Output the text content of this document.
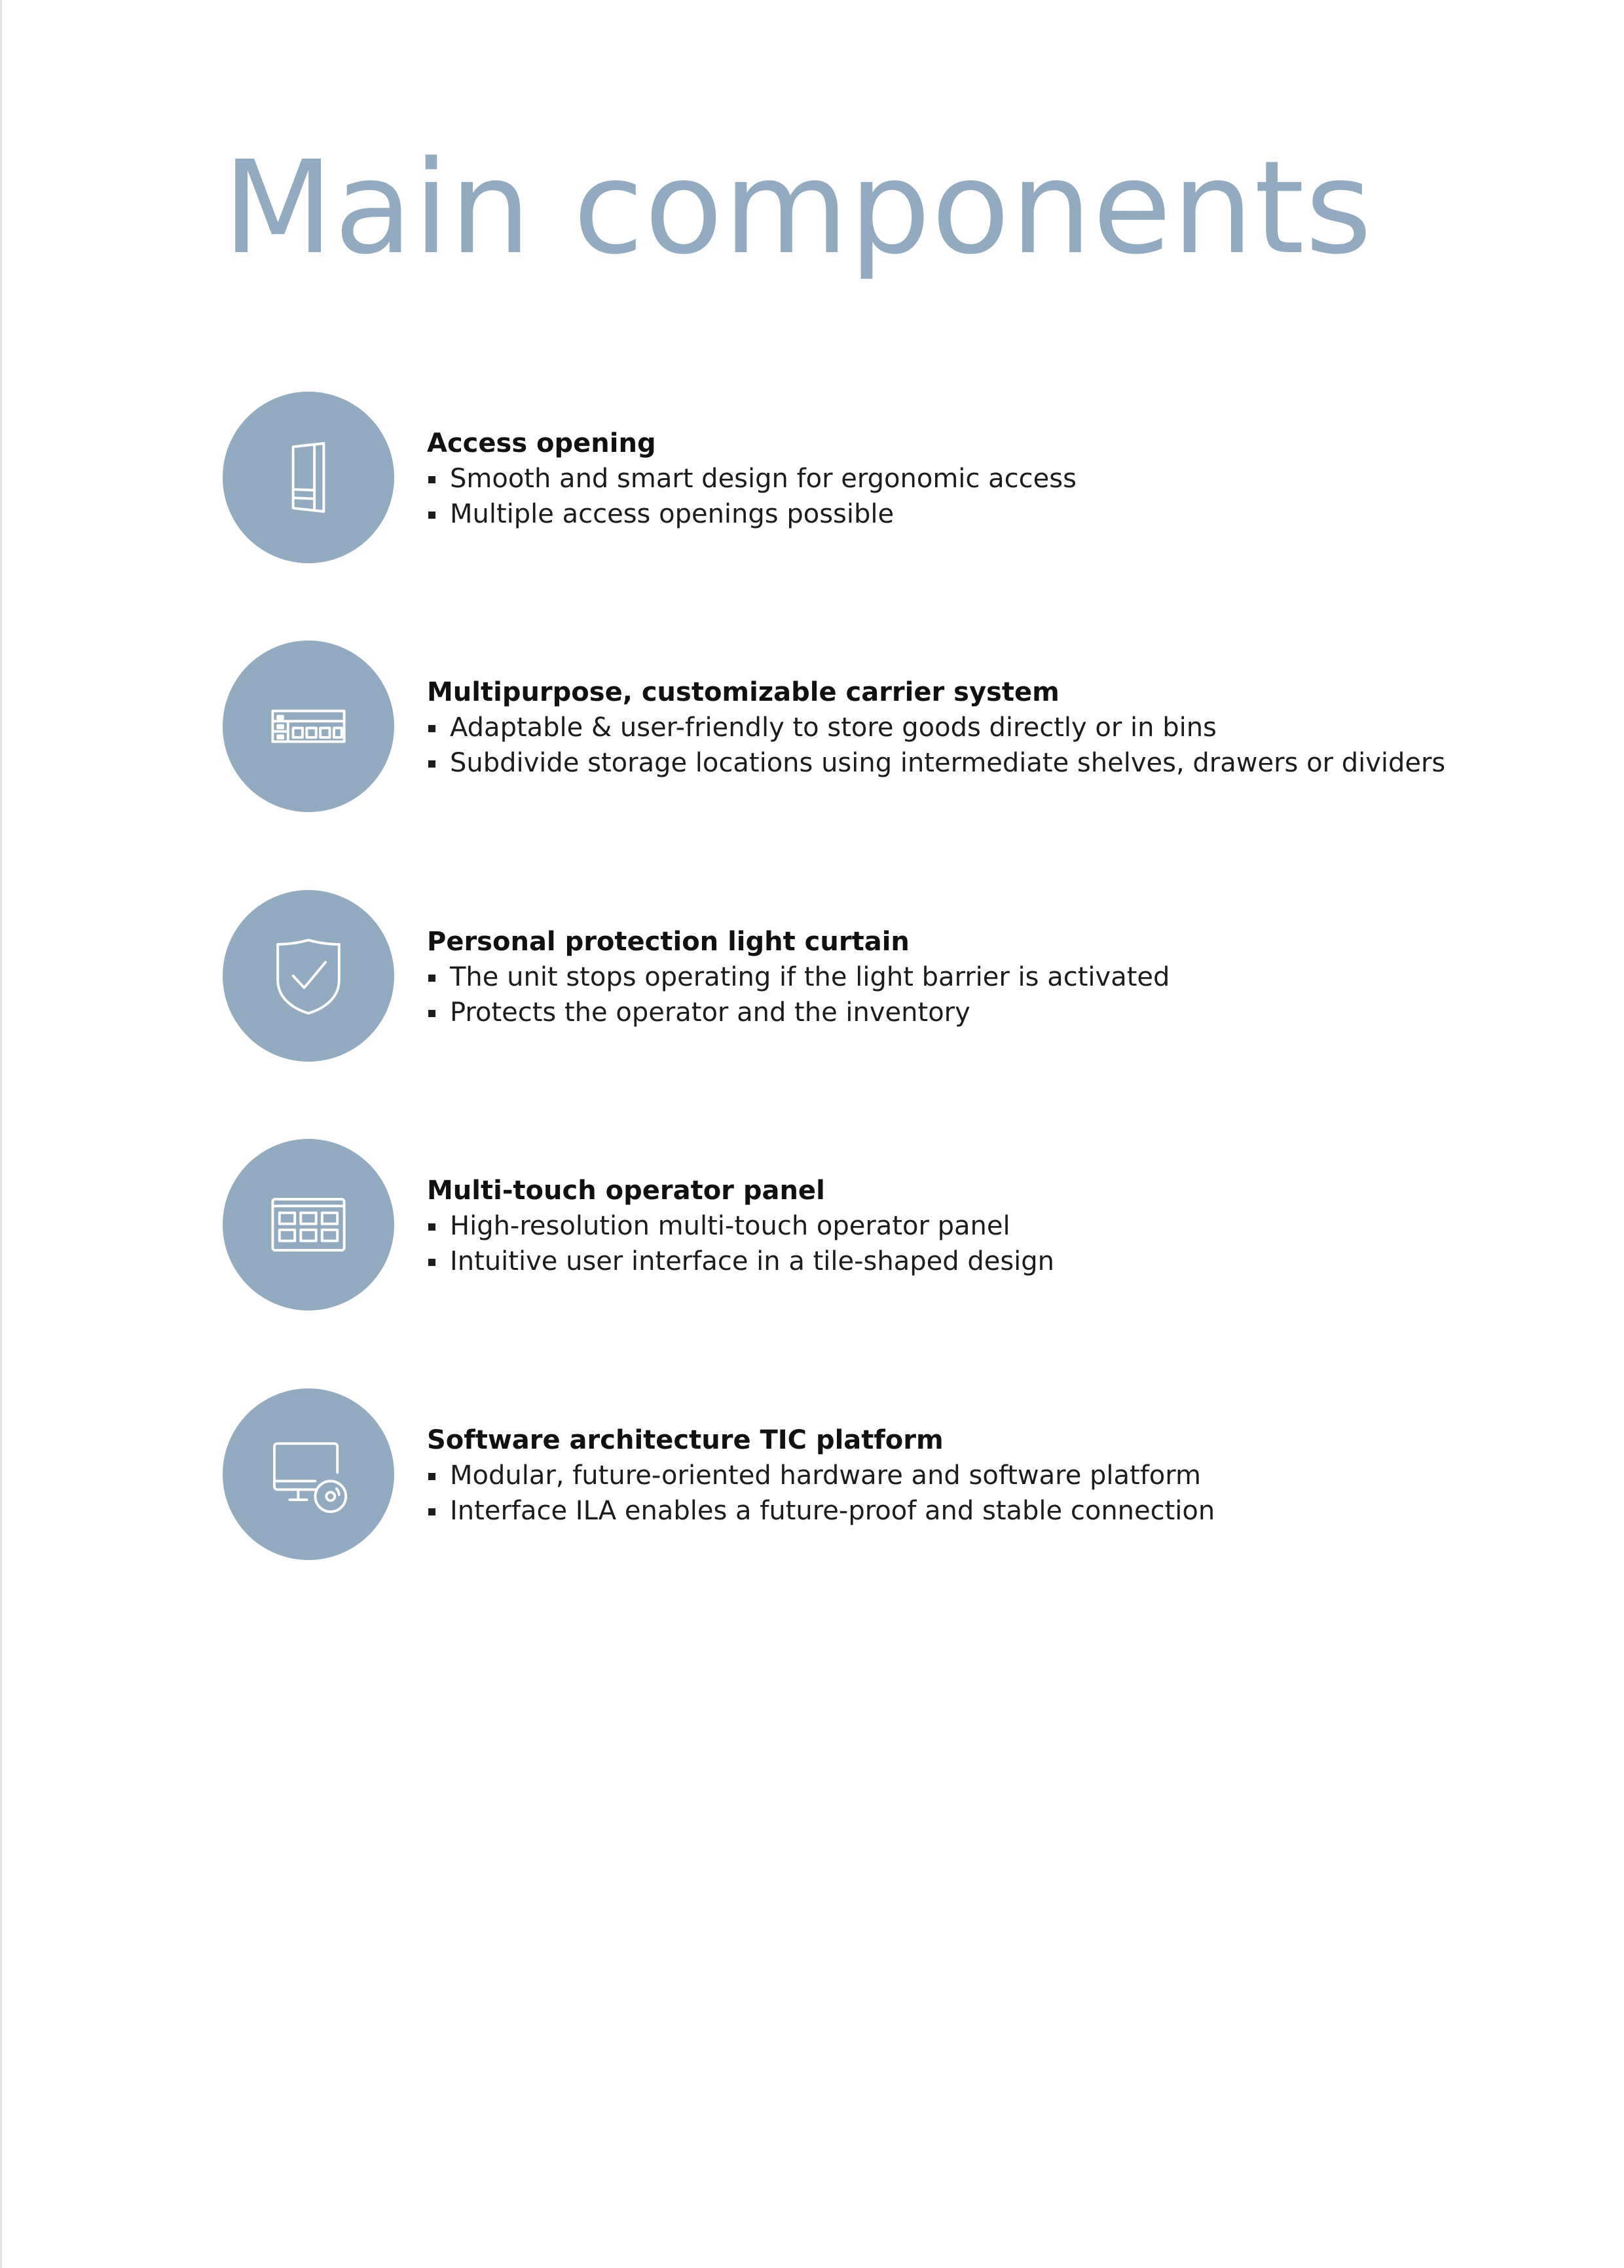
Main components
Access opening
Smooth and smart design for ergonomic access
Multiple access openings possible
Multipurpose, customizable carrier system
Adaptable & user-friendly to store goods directly or in bins
Subdivide storage locations using intermediate shelves, drawers or dividers
Personal protection light curtain
The unit stops operating if the light barrier is activated
Protects the operator and the inventory
Multi-touch operator panel
High-resolution multi-touch operator panel
Intuitive user interface in a tile-shaped design
Software architecture TIC platform
Modular, future-oriented hardware and software platform
Interface ILA enables a future-proof and stable connection
